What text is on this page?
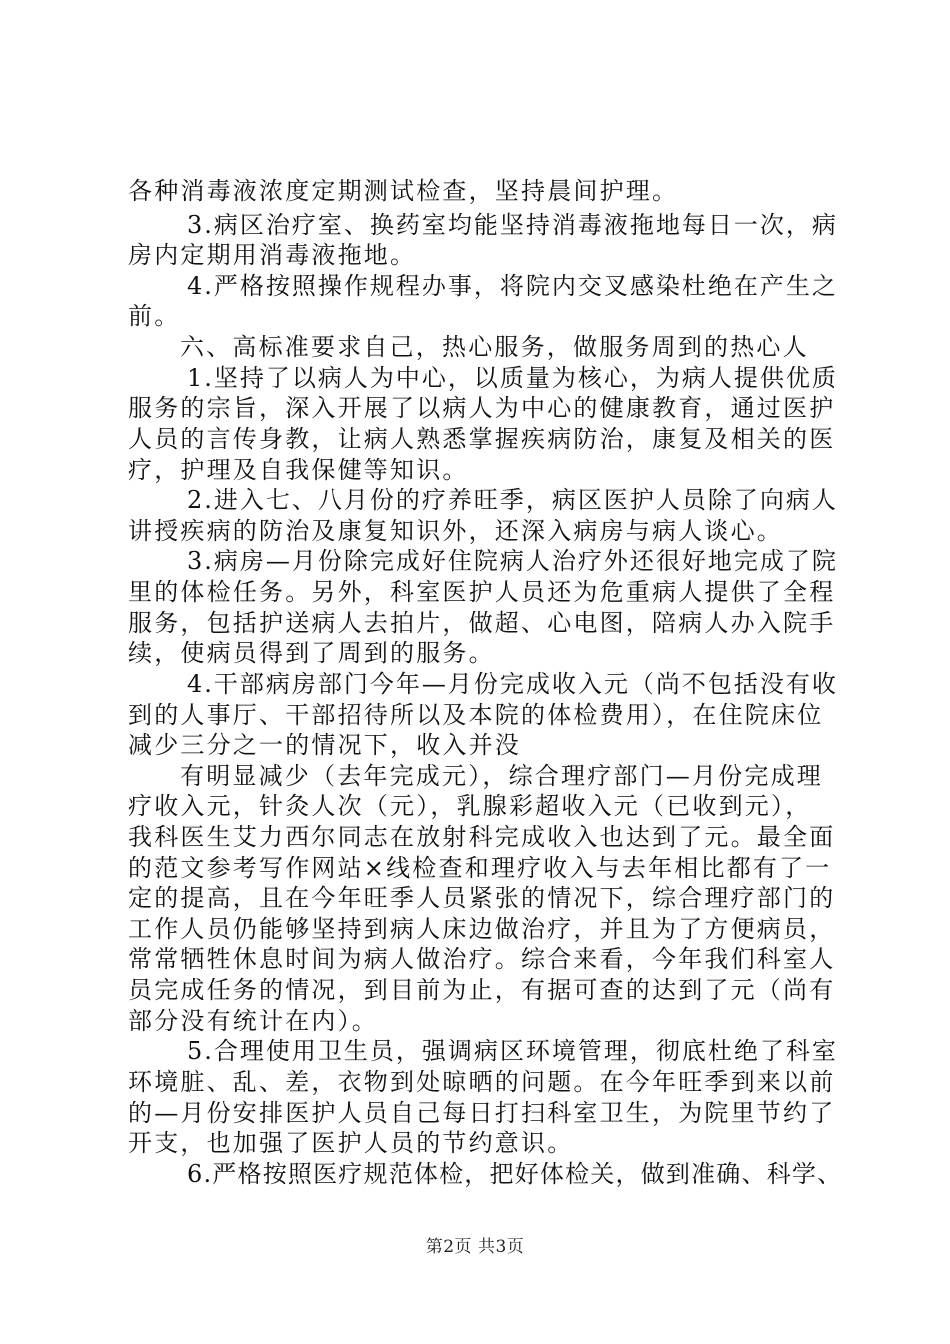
各种消毒液浓度定期测试检查，坚持晨间护理。
3.病区治疗室、换药室均能坚持消毒液拖地每日一次，病
房内定期用消毒液拖地。
4.严格按照操作规程办事，将院内交叉感染杜绝在产生之
前。
六、高标准要求自己，热心服务，做服务周到的热心人
1.坚持了以病人为中心，以质量为核心，为病人提供优质
服务的宗旨，深入开展了以病人为中心的健康教育，通过医护
人员的言传身教，让病人熟悉掌握疾病防治，康复及相关的医
疗，护理及自我保健等知识。
2.进入七、八月份的疗养旺季，病区医护人员除了向病人
讲授疾病的防治及康复知识外，还深入病房与病人谈心。
3.病房—月份除完成好住院病人治疗外还很好地完成了院
里的体检任务。另外，科室医护人员还为危重病人提供了全程
服务，包括护送病人去拍片，做超、心电图，陪病人办入院手
续，使病员得到了周到的服务。
4.干部病房部门今年—月份完成收入元（尚不包括没有收
到的人事厅、干部招待所以及本院的体检费用），在住院床位
减少三分之一的情况下，收入并没
有明显减少（去年完成元），综合理疗部门—月份完成理
疗收入元，针灸人次（元），乳腺彩超收入元（已收到元），
我科医生艾力西尔同志在放射科完成收入也达到了元。最全面
的范文参考写作网站×线检查和理疗收入与去年相比都有了一
定的提高，且在今年旺季人员紧张的情况下，综合理疗部门的
工作人员仍能够坚持到病人床边做治疗，并且为了方便病员，
常常牺牲休息时间为病人做治疗。综合来看，今年我们科室人
员完成任务的情况，到目前为止，有据可查的达到了元（尚有
部分没有统计在内）。
5.合理使用卫生员，强调病区环境管理，彻底杜绝了科室
环境脏、乱、差，衣物到处晾晒的问题。在今年旺季到来以前
的—月份安排医护人员自己每日打扫科室卫生，为院里节约了
开支，也加强了医护人员的节约意识。
6.严格按照医疗规范体检，把好体检关，做到准确、科学、
第2页 共3页
